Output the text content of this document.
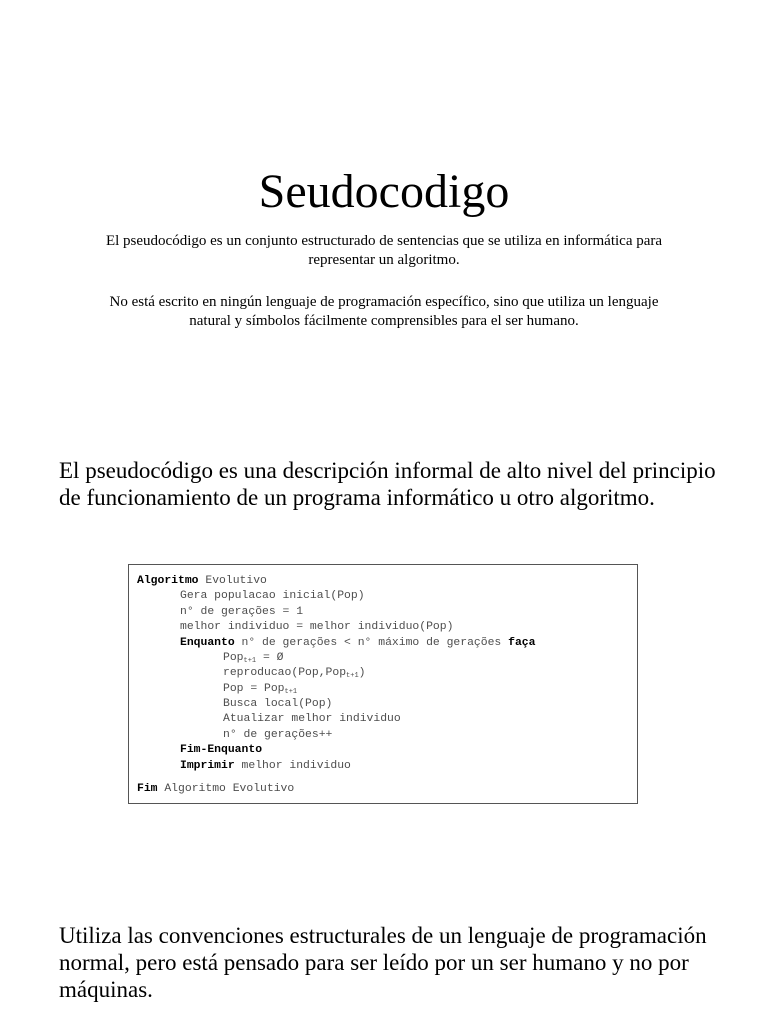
Seudocodigo

El pseudocódigo es un conjunto estructurado de sentencias que se utiliza en informática para representar un algoritmo.

No está escrito en ningún lenguaje de programación específico, sino que utiliza un lenguaje natural y símbolos fácilmente comprensibles para el ser humano.

El pseudocódigo es una descripción informal de alto nivel del principio de funcionamiento de un programa informático u otro algoritmo.

Algoritmo Evolutivo
Gera populacao inicial(Pop)
n° de gerações = 1
melhor individuo = melhor individuo(Pop)
Enquanto n° de gerações < n° máximo de gerações faça
Pop$_{t+1}$ = Ø
reproducao(Pop,Pop$_{t+1}$)
Pop = Pop$_{t+1}$
Busca local(Pop)
Atualizar melhor individuo
n° de gerações++
Fim-Enquanto
Imprimir melhor individuo
Fim Algoritmo Evolutivo

Utiliza las convenciones estructurales de un lenguaje de programación normal, pero está pensado para ser leído por un ser humano y no por máquinas.
